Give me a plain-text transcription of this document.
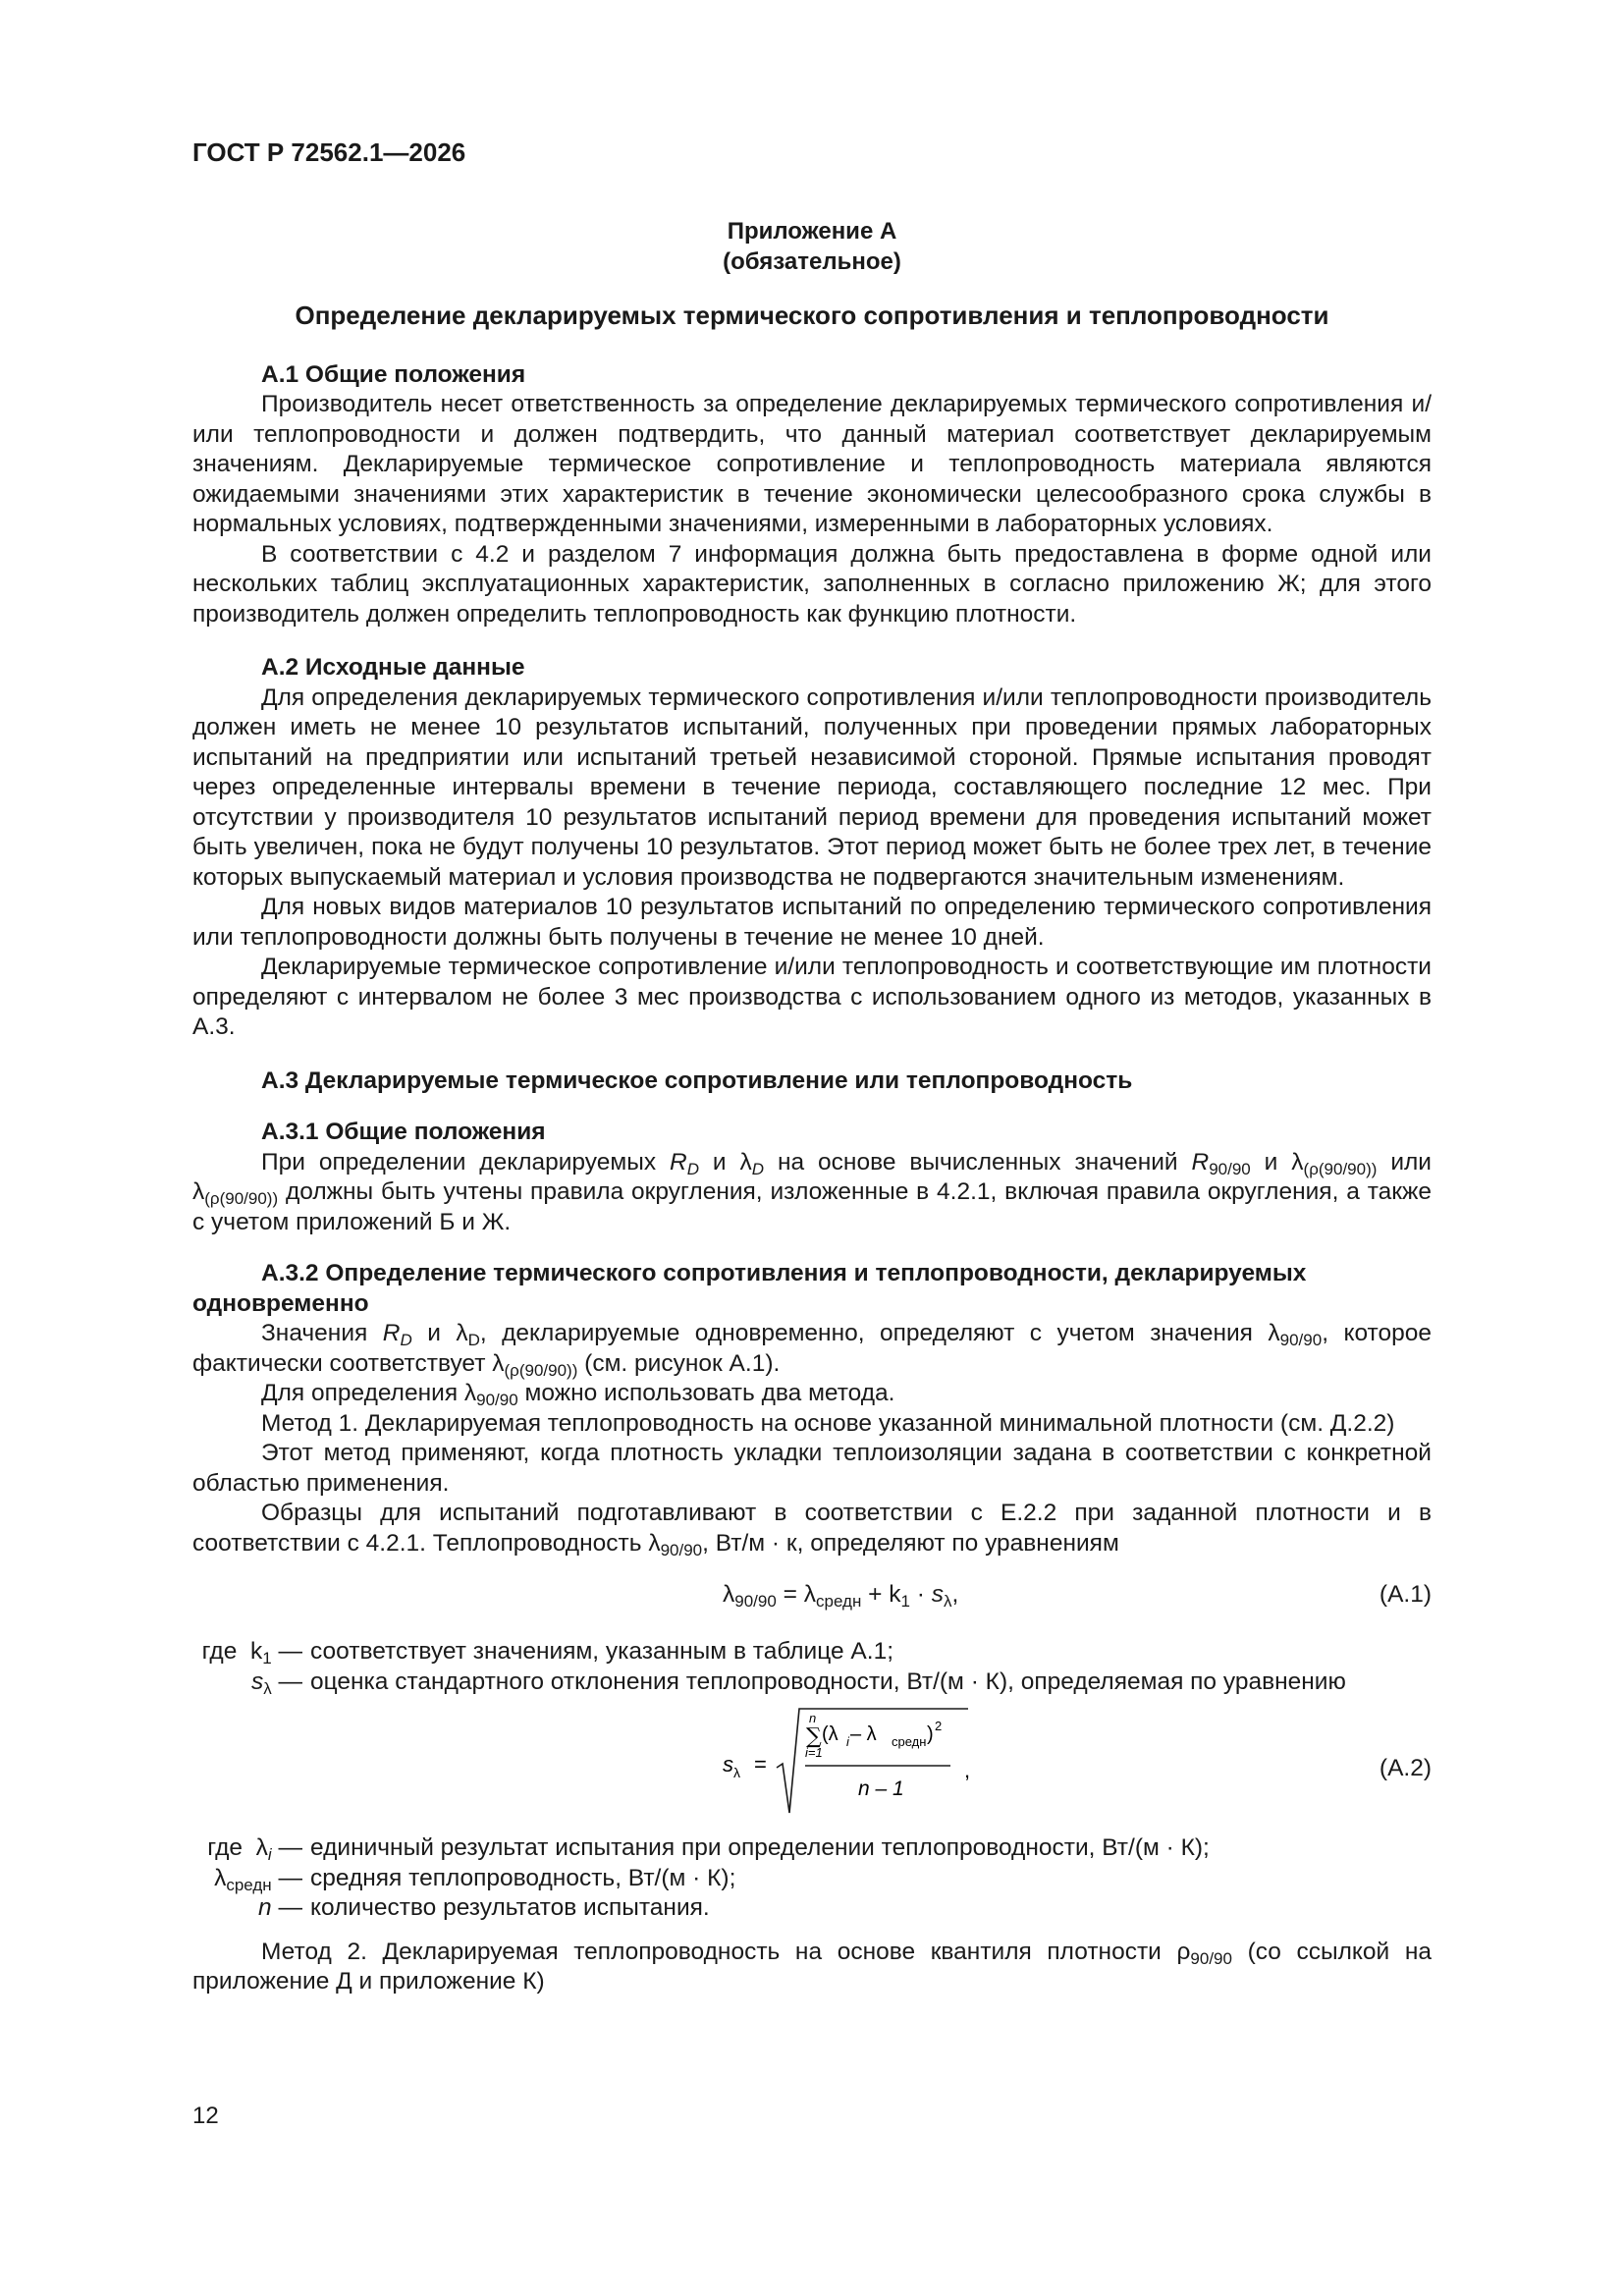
ГОСТ Р 72562.1—2026
Приложение А
(обязательное)
Определение декларируемых термического сопротивления и теплопроводности
А.1 Общие положения

Производитель несет ответственность за определение декларируемых термического сопротивления и/или теплопроводности и должен подтвердить, что данный материал соответствует декларируемым значениям. Декларируемые термическое сопротивление и теплопроводность материала являются ожидаемыми значениями этих характеристик в течение экономически целесообразного срока службы в нормальных условиях, подтвержденными значениями, измеренными в лабораторных условиях.

В соответствии с 4.2 и разделом 7 информация должна быть предоставлена в форме одной или нескольких таблиц эксплуатационных характеристик, заполненных в согласно приложению Ж; для этого производитель должен определить теплопроводность как функцию плотности.

А.2 Исходные данные

Для определения декларируемых термического сопротивления и/или теплопроводности производитель должен иметь не менее 10 результатов испытаний, полученных при проведении прямых лабораторных испытаний на предприятии или испытаний третьей независимой стороной. Прямые испытания проводят через определенные интервалы времени в течение периода, составляющего последние 12 мес. При отсутствии у производителя 10 результатов испытаний период времени для проведения испытаний может быть увеличен, пока не будут получены 10 результатов. Этот период может быть не более трех лет, в течение которых выпускаемый материал и условия производства не подвергаются значительным изменениям.

Для новых видов материалов 10 результатов испытаний по определению термического сопротивления или теплопроводности должны быть получены в течение не менее 10 дней.

Декларируемые термическое сопротивление и/или теплопроводность и соответствующие им плотности определяют с интервалом не более 3 мес производства с использованием одного из методов, указанных в А.3.

А.3 Декларируемые термическое сопротивление или теплопроводность
А.3.1 Общие положения

При определении декларируемых $R_D$ и $\lambda_D$ на основе вычисленных значений $R_{90/90}$ и $\lambda_{(\rho(90/90))}$ или $\lambda_{(\rho(90/90))}$ должны быть учтены правила округления, изложенные в 4.2.1, включая правила округления, а также с учетом приложений Б и Ж.

А.3.2 Определение термического сопротивления и теплопроводности, декларируемых одновременно

Значения $R_D$ и $\lambda_D$, декларируемые одновременно, определяют с учетом значения $\lambda_{90/90}$, которое фактически соответствует $\lambda_{(\rho(90/90))}$ (см. рисунок А.1).

Для определения $\lambda_{90/90}$ можно использовать два метода.

Метод 1. Декларируемая теплопроводность на основе указанной минимальной плотности (см. Д.2.2)

Этот метод применяют, когда плотность укладки теплоизоляции задана в соответствии с конкретной областью применения.

Образцы для испытаний подготавливают в соответствии с Е.2.2 при заданной плотности и в соответствии с 4.2.1. Теплопроводность $\lambda_{90/90}$, Вт/м · к, определяют по уравнениям

$\lambda_{90/90} = \lambda_{средн} + k_1 \cdot s_\lambda$,	(А.1)
где $k_1$ — соответствует значениям, указанным в таблице А.1;
$s_\lambda$ — оценка стандартного отклонения теплопроводности, Вт/(м · К), определяемая по уравнению
s λ =
n
∑
i=1
(λ i – λ средн ) 2
n – 1
,	(А.2)
где $\lambda_i$ — единичный результат испытания при определении теплопроводности, Вт/(м · К);
$\lambda_{средн}$ — средняя теплопроводность, Вт/(м · К);
n — количество результатов испытания.

Метод 2. Декларируемая теплопроводность на основе квантиля плотности $\rho_{90/90}$ (со ссылкой на приложение Д и приложение К)

12
